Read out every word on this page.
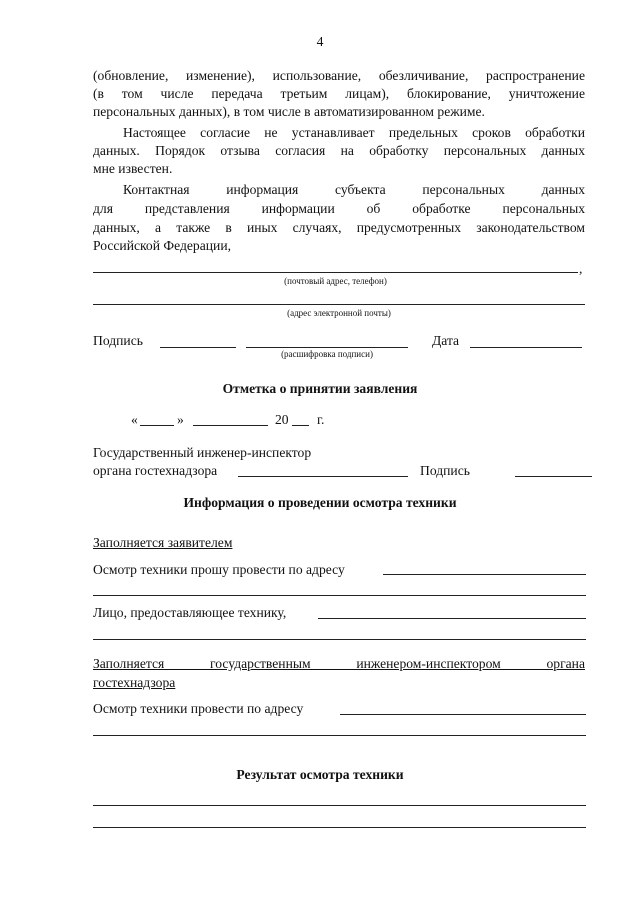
4
(обновление, изменение), использование, обезличивание, распространение
(в том числе передача третьим лицам), блокирование, уничтожение
персональных данных), в том числе в автоматизированном режиме.
Настоящее согласие не устанавливает предельных сроков обработки
данных. Порядок отзыва согласия на обработку персональных данных
мне известен.
Контактная информация субъекта персональных данных
для представления информации об обработке персональных
данных, а также в иных случаях, предусмотренных законодательством
Российской Федерации,
,
(почтовый адрес, телефон)
(адрес электронной почты)
Подпись
(расшифровка подписи)
Дата
Отметка о принятии заявления
«	»	20 г.
Государственный инженер-инспектор
органа гостехнадзора	Подпись
Информация о проведении осмотра техники
Заполняется заявителем
Осмотр техники прошу провести по адресу
Лицо, предоставляющее технику,
Заполняется государственным инженером-инспектором органа
гостехнадзора
Осмотр техники провести по адресу
Результат осмотра техники
